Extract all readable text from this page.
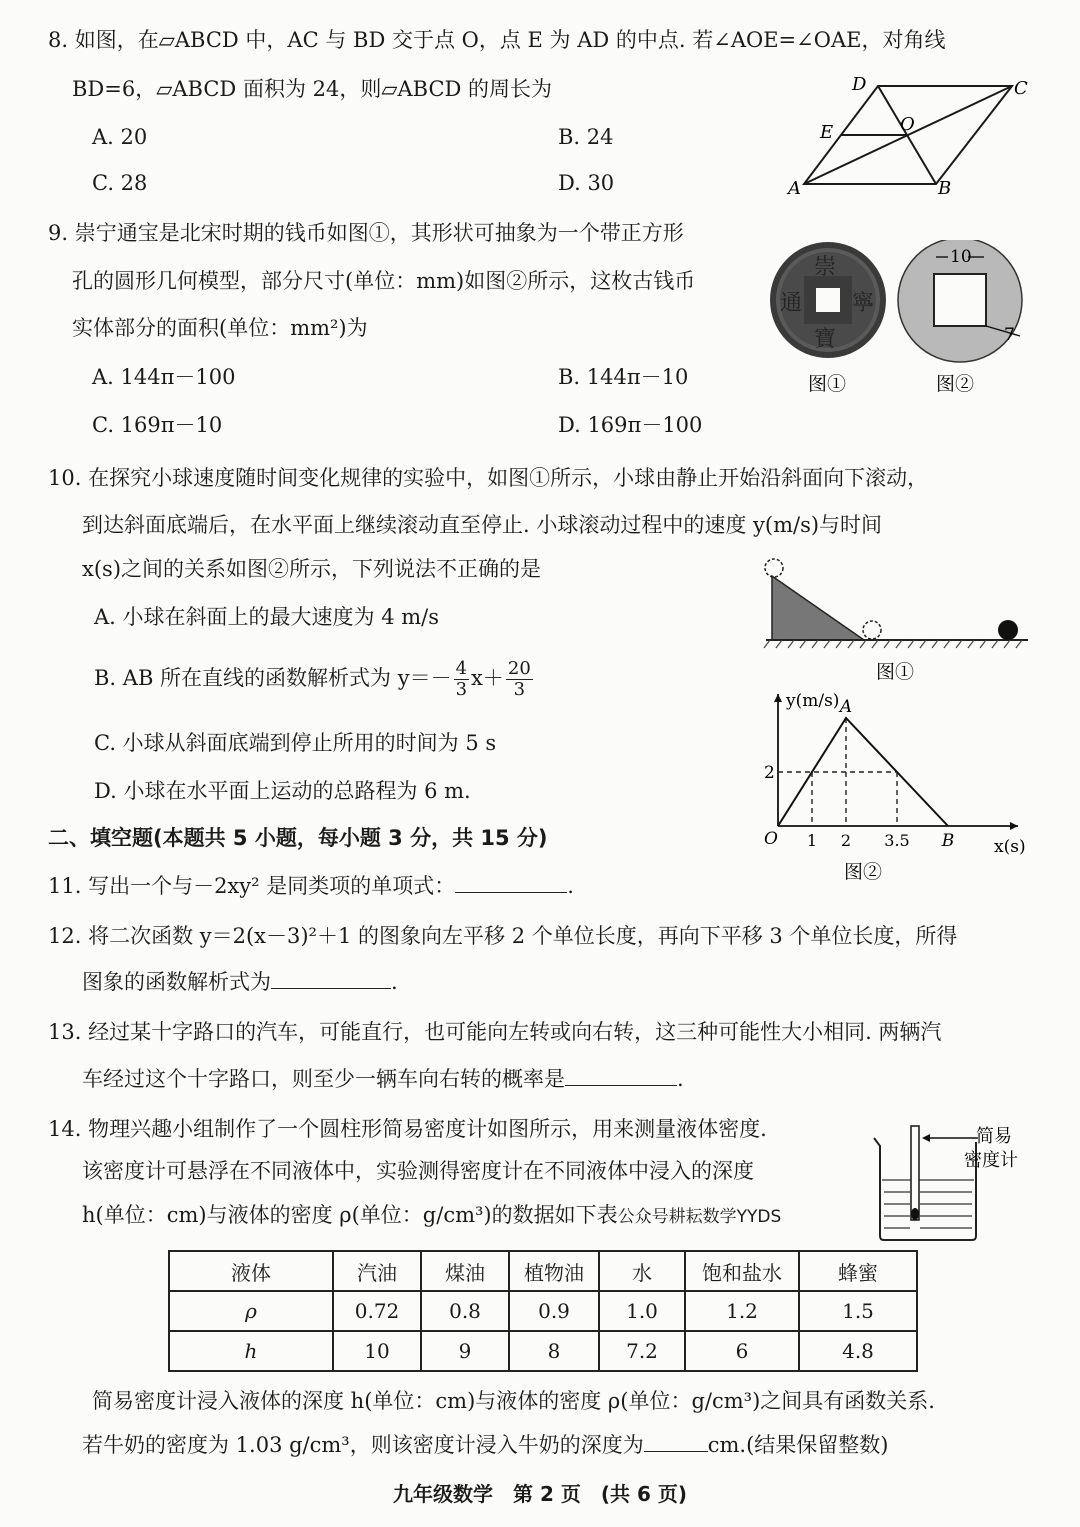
8. 如图，在▱ABCD 中，AC 与 BD 交于点 O，点 E 为 AD 的中点. 若∠AOE=∠OAE，对角线
BD=6，▱ABCD 面积为 24，则▱ABCD 的周长为
A. 20	B. 24
C. 28	D. 30	A	B
C
D
E	O
9. 崇宁通宝是北宋时期的钱币如图①，其形状可抽象为一个带正方形
孔的圆形几何模型，部分尺寸(单位：mm)如图②所示，这枚古钱币
实体部分的面积(单位：mm²)为
A. 144π－100	B. 144π－10
C. 169π－10	D. 169π－100
崇
寶
通 寧
10
7
图①	图②
10. 在探究小球速度随时间变化规律的实验中，如图①所示，小球由静止开始沿斜面向下滚动，
到达斜面底端后，在水平面上继续滚动直至停止. 小球滚动过程中的速度 y(m/s)与时间
x(s)之间的关系如图②所示，下列说法不正确的是
A. 小球在斜面上的最大速度为 4 m/s
B. AB 所在直线的函数解析式为 $y=- \frac{4}{3} x+ \frac{20}{3}$
C. 小球从斜面底端到停止所用的时间为 5 s
D. 小球在水平面上运动的总路程为 6 m.
图①
y(m/s)
x(s)
O
2
1 2 3.5
A
B
图②
二、填空题(本题共 5 小题，每小题 3 分，共 15 分)
11. 写出一个与－2xy² 是同类项的单项式：	.
12. 将二次函数 y＝2(x－3)²＋1 的图象向左平移 2 个单位长度，再向下平移 3 个单位长度，所得
图象的函数解析式为	.
13. 经过某十字路口的汽车，可能直行，也可能向左转或向右转，这三种可能性大小相同. 两辆汽
车经过这个十字路口，则至少一辆车向右转的概率是	.
14. 物理兴趣小组制作了一个圆柱形简易密度计如图所示，用来测量液体密度.
该密度计可悬浮在不同液体中，实验测得密度计在不同液体中浸入的深度
h(单位：cm)与液体的密度 ρ(单位：g/cm³)的数据如下表公众号耕耘数学YYDS
简易
密度计
液体	汽油	煤油	植物油	水	饱和盐水	蜂蜜
ρ	0.72	0.8	0.9	1.0	1.2	1.5
h	10	9	8	7.2	6	4.8
简易密度计浸入液体的深度 h(单位：cm)与液体的密度 ρ(单位：g/cm³)之间具有函数关系.
若牛奶的密度为 1.03 g/cm³，则该密度计浸入牛奶的深度为	cm.(结果保留整数)
九年级数学　第 2 页　(共 6 页)
